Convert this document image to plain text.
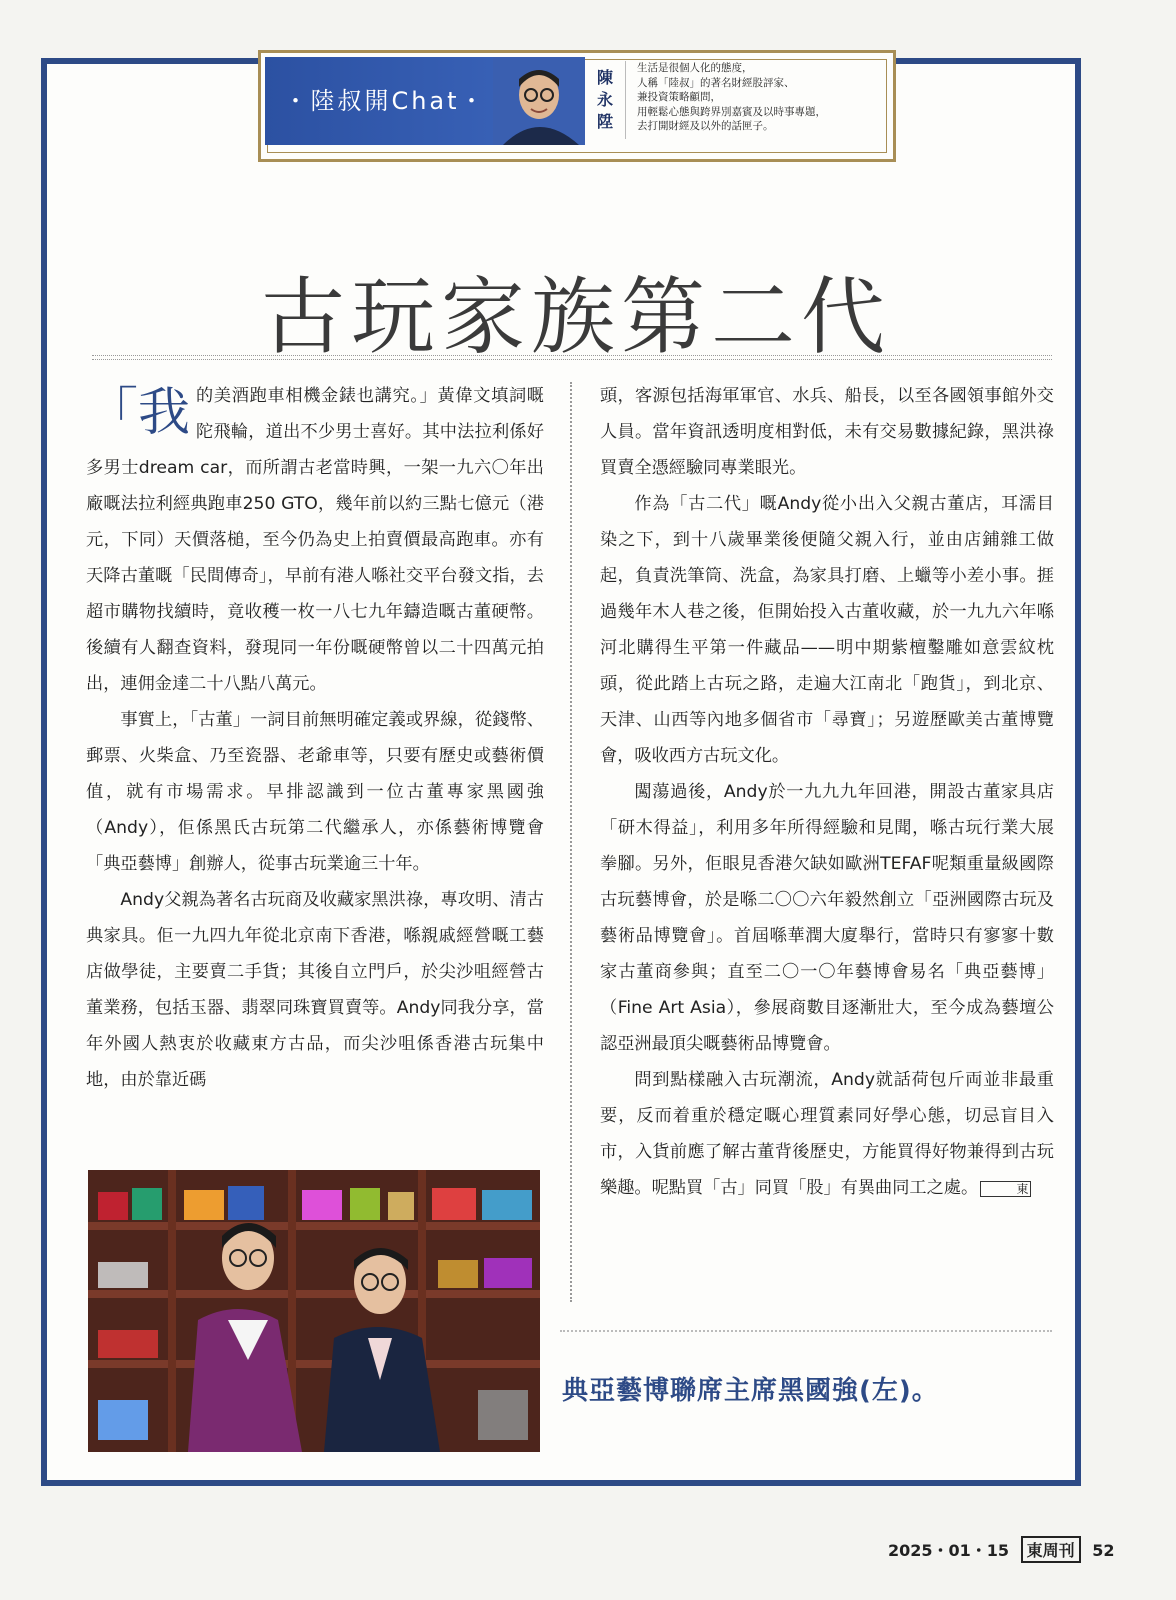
・陸叔開Chat・
陳永陞
生活是很個人化的態度，
人稱「陸叔」的著名財經股評家、
兼投資策略顧問，
用輕鬆心態與跨界別嘉賓及以時事專題，
去打開財經及以外的話匣子。
古玩家族第二代

「我的美酒跑車相機金錶也講究。」黃偉文填詞嘅陀飛輪，道出不少男士喜好。其中法拉利係好多男士dream car，而所謂古老當時興，一架一九六〇年出廠嘅法拉利經典跑車250 GTO，幾年前以約三點七億元（港元，下同）天價落槌，至今仍為史上拍賣價最高跑車。亦有天降古董嘅「民間傳奇」，早前有港人喺社交平台發文指，去超市購物找續時，竟收穫一枚一八七九年鑄造嘅古董硬幣。後續有人翻查資料，發現同一年份嘅硬幣曾以二十四萬元拍出，連佣金達二十八點八萬元。

事實上，「古董」一詞目前無明確定義或界線，從錢幣、郵票、火柴盒、乃至瓷器、老爺車等，只要有歷史或藝術價值，就有市場需求。早排認識到一位古董專家黑國強（Andy），佢係黑氏古玩第二代繼承人，亦係藝術博覽會「典亞藝博」創辦人，從事古玩業逾三十年。

Andy父親為著名古玩商及收藏家黑洪祿，專攻明、清古典家具。佢一九四九年從北京南下香港，喺親戚經營嘅工藝店做學徒，主要賣二手貨；其後自立門戶，於尖沙咀經營古董業務，包括玉器、翡翠同珠寶買賣等。Andy同我分享，當年外國人熱衷於收藏東方古品，而尖沙咀係香港古玩集中地，由於靠近碼

頭，客源包括海軍軍官、水兵、船長，以至各國領事館外交人員。當年資訊透明度相對低，未有交易數據紀錄，黑洪祿買賣全憑經驗同專業眼光。

作為「古二代」嘅Andy從小出入父親古董店，耳濡目染之下，到十八歲畢業後便隨父親入行，並由店鋪雜工做起，負責洗筆筒、洗盒，為家具打磨、上蠟等小差小事。捱過幾年木人巷之後，佢開始投入古董收藏，於一九九六年喺河北購得生平第一件藏品——明中期紫檀鑿雕如意雲紋枕頭，從此踏上古玩之路，走遍大江南北「跑貨」，到北京、天津、山西等內地多個省市「尋寶」；另遊歷歐美古董博覽會，吸收西方古玩文化。

闖蕩過後，Andy於一九九九年回港，開設古董家具店「研木得益」，利用多年所得經驗和見聞，喺古玩行業大展拳腳。另外，佢眼見香港欠缺如歐洲TEFAF呢類重量級國際古玩藝博會，於是喺二〇〇六年毅然創立「亞洲國際古玩及藝術品博覽會」。首屆喺華潤大廈舉行，當時只有寥寥十數家古董商參與；直至二〇一〇年藝博會易名「典亞藝博」（Fine Art Asia），參展商數目逐漸壯大，至今成為藝壇公認亞洲最頂尖嘅藝術品博覽會。

問到點樣融入古玩潮流，Andy就話荷包斤両並非最重要，反而着重於穩定嘅心理質素同好學心態，切忌盲目入市，入貨前應了解古董背後歷史，方能買得好物兼得到古玩樂趣。呢點買「古」同買「股」有異曲同工之處。	東

典亞藝博聯席主席黑國強(左)。
2025・01・15 東周刊 52
